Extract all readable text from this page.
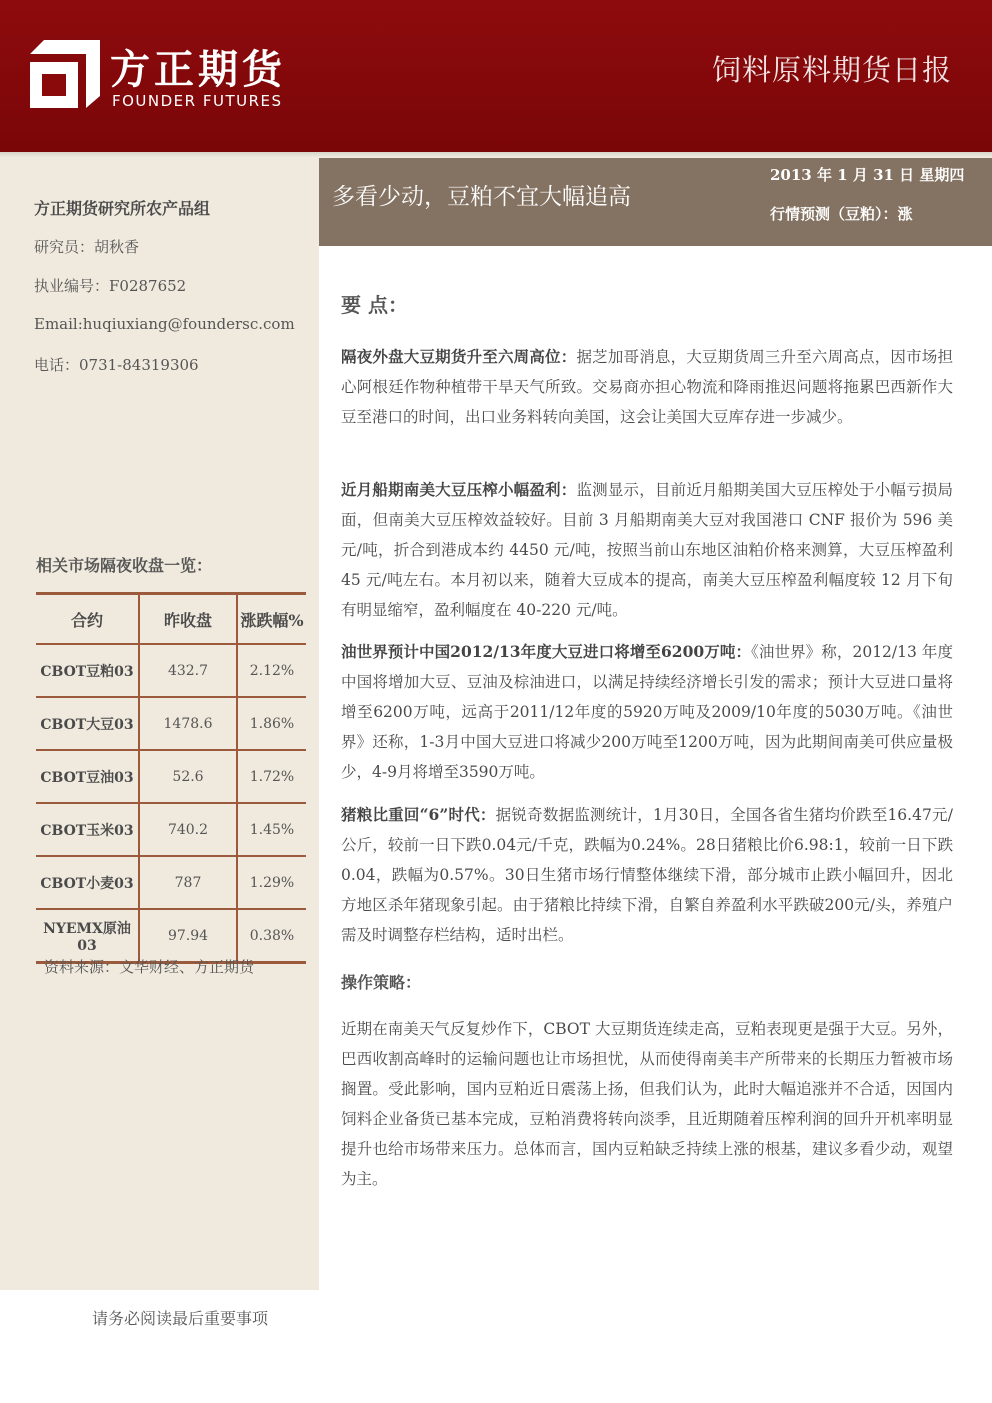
方正期货
FOUNDER FUTURES
饲料原料期货日报
方正期货研究所农产品组
研究员：胡秋香
执业编号：F0287652
Email:huqiuxiang@foundersc.com
电话：0731-84319306
相关市场隔夜收盘一览：
合约	昨收盘	涨跌幅%
CBOT豆粕03	432.7	2.12%
CBOT大豆03	1478.6	1.86%
CBOT豆油03	52.6	1.72%
CBOT玉米03	740.2	1.45%
CBOT小麦03	787	1.29%
NYEMX原油03	97.94	0.38%
资料来源：文华财经、方正期货
请务必阅读最后重要事项
多看少动，豆粕不宜大幅追高
2013 年 1 月 31 日 星期四
行情预测（豆粕）：涨
要 点：
隔夜外盘大豆期货升至六周高位：据芝加哥消息，大豆期货周三升至六周高点，因市场担心阿根廷作物种植带干旱天气所致。交易商亦担心物流和降雨推迟问题将拖累巴西新作大豆至港口的时间，出口业务料转向美国，这会让美国大豆库存进一步减少。
近月船期南美大豆压榨小幅盈利：监测显示，目前近月船期美国大豆压榨处于小幅亏损局面，但南美大豆压榨效益较好。目前 3 月船期南美大豆对我国港口 CNF 报价为 596 美元/吨，折合到港成本约 4450 元/吨，按照当前山东地区油粕价格来测算，大豆压榨盈利 45 元/吨左右。本月初以来，随着大豆成本的提高，南美大豆压榨盈利幅度较 12 月下旬有明显缩窄，盈利幅度在 40-220 元/吨。
油世界预计中国2012/13年度大豆进口将增至6200万吨：《油世界》称，2012/13 年度中国将增加大豆、豆油及棕油进口，以满足持续经济增长引发的需求；预计大豆进口量将增至6200万吨，远高于2011/12年度的5920万吨及2009/10年度的5030万吨。《油世界》还称，1-3月中国大豆进口将减少200万吨至1200万吨，因为此期间南美可供应量极少，4-9月将增至3590万吨。
猪粮比重回“6”时代：据锐奇数据监测统计，1月30日，全国各省生猪均价跌至16.47元/公斤，较前一日下跌0.04元/千克，跌幅为0.24%。28日猪粮比价6.98:1，较前一日下跌0.04，跌幅为0.57%。30日生猪市场行情整体继续下滑，部分城市止跌小幅回升，因北方地区杀年猪现象引起。由于猪粮比持续下滑，自繁自养盈利水平跌破200元/头，养殖户需及时调整存栏结构，适时出栏。
操作策略：
近期在南美天气反复炒作下，CBOT 大豆期货连续走高，豆粕表现更是强于大豆。另外，巴西收割高峰时的运输问题也让市场担忧，从而使得南美丰产所带来的长期压力暂被市场搁置。受此影响，国内豆粕近日震荡上扬，但我们认为，此时大幅追涨并不合适，因国内饲料企业备货已基本完成，豆粕消费将转向淡季，且近期随着压榨利润的回升开机率明显提升也给市场带来压力。总体而言，国内豆粕缺乏持续上涨的根基，建议多看少动，观望为主。
